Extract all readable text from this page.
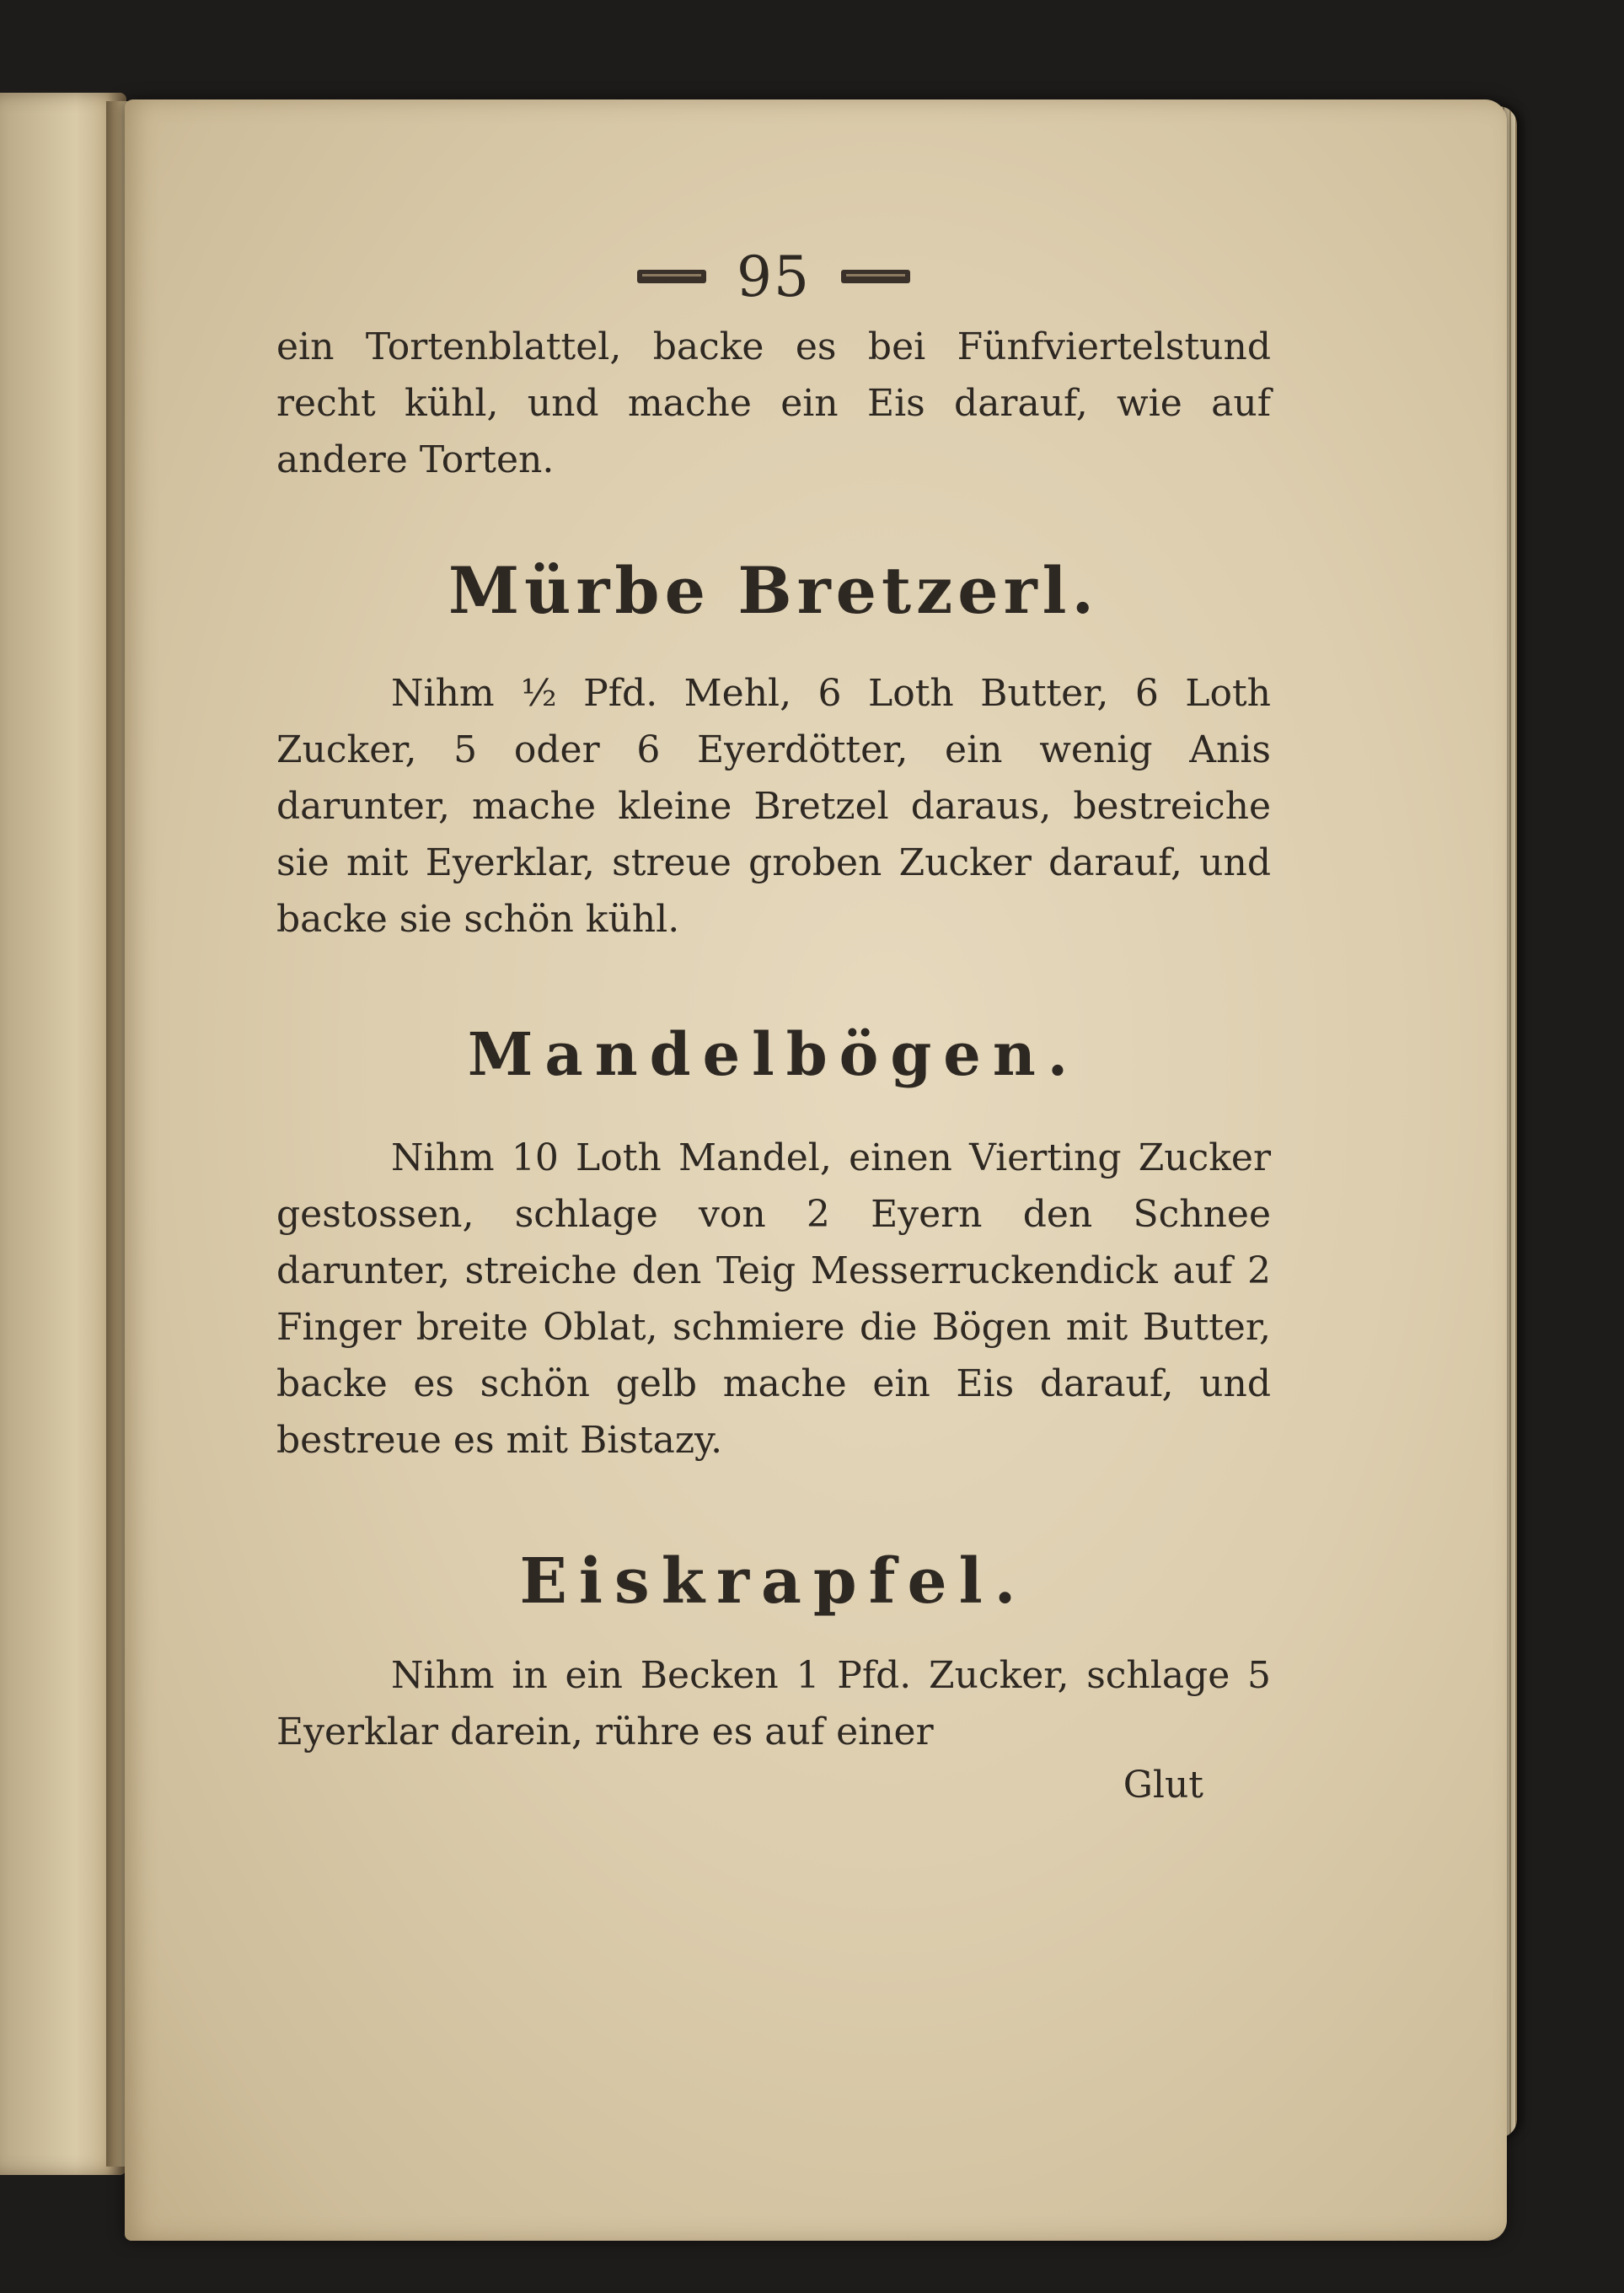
95

ein Tortenblattel, backe es bei Fünfviertelstund recht kühl, und mache ein Eis darauf, wie auf andere Torten.

Mürbe Bretzerl.

Nihm ½ Pfd. Mehl, 6 Loth Butter, 6 Loth Zucker, 5 oder 6 Eyerdötter, ein wenig Anis darunter, mache kleine Bretzel daraus, bestreiche sie mit Eyerklar, streue groben Zucker darauf, und backe sie schön kühl.

Mandelbögen.

Nihm 10 Loth Mandel, einen Vierting Zucker gestossen, schlage von 2 Eyern den Schnee darunter, streiche den Teig Messerruckendick auf 2 Finger breite Oblat, schmiere die Bögen mit Butter, backe es schön gelb mache ein Eis darauf, und bestreue es mit Bistazy.

Eiskrapfel.

Nihm in ein Becken 1 Pfd. Zucker, schlage 5 Eyerklar darein, rühre es auf einer

Glut
